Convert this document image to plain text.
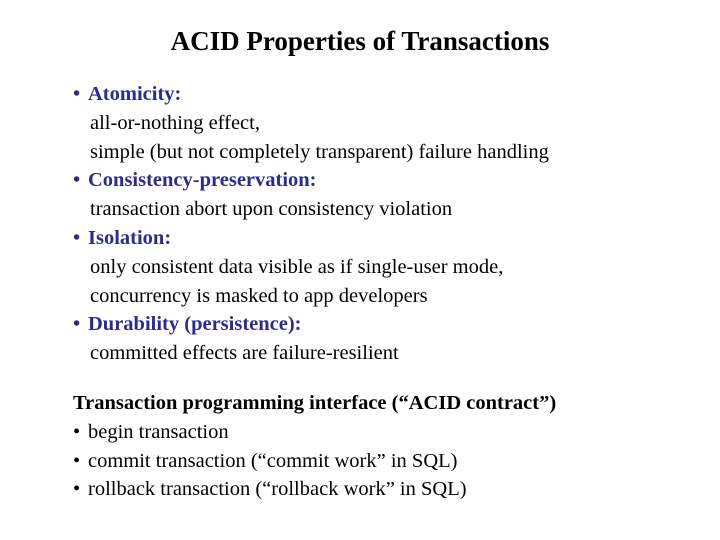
ACID Properties of Transactions
• Atomicity:
all-or-nothing effect,
simple (but not completely transparent) failure handling
• Consistency-preservation:
transaction abort upon consistency violation
• Isolation:
only consistent data visible as if single-user mode,
concurrency is masked to app developers
• Durability (persistence):
committed effects are failure-resilient
Transaction programming interface (“ACID contract”)
• begin transaction
• commit transaction (“commit work” in SQL)
• rollback transaction (“rollback work” in SQL)
